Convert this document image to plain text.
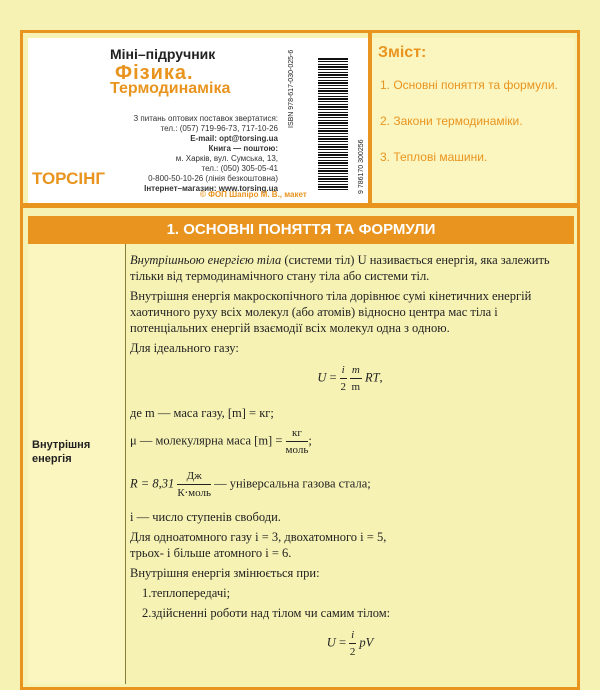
Міні–підручник
Фізика.
Термодинаміка
З питань оптових поставок звертатися:
тел.: (057) 719-96-73, 717-10-26
E-mail: opt@torsing.ua
Книга — поштою:
м. Харків, вул. Сумська, 13,
тел.: (050) 305-05-41
0-800-50-10-26 (лінія безкоштовна)
Інтернет–магазин: www.torsing.ua
ТОРСІНГ
© ФОП Шапіро М. В., макет
ISBN 978-617-030-025-6
9 786170 300256
Зміст:
1. Основні поняття та формули.
2. Закони термодинаміки.
3. Теплові машини.
1. ОСНОВНІ ПОНЯТТЯ ТА ФОРМУЛИ
Внутрішня енергія

Внутрішньою енергією тіла (системи тіл) U називається енергія, яка залежить тільки від термодинамічного стану тіла або системи тіл.

Внутрішня енергія макроскопічного тіла дорівнює сумі кінетичних енергій хаотичного руху всіх молекул (або атомів) відносно центра мас тіла і потенціальних енергій взаємодії всіх молекул одна з одною.

Для ідеального газу:

$U = \frac{i}{2}$
$\frac{m}{m}$ RT,

де m — маса газу, [m] = кг;

μ — молекулярна маса [m] =
кг
моль
;

R = 8,31
Дж
К⋅моль
— універсальна газова стала;

i — число ступенів свободи.

Для одноатомного газу i = 3, двохатомного i = 5,

трьох- і більше атомного i = 6.

Внутрішня енергія змінюється при:

1.теплопередачі;

2.здійсненні роботи над тілом чи самим тілом:

$U = \frac{i}{2}$ pV
